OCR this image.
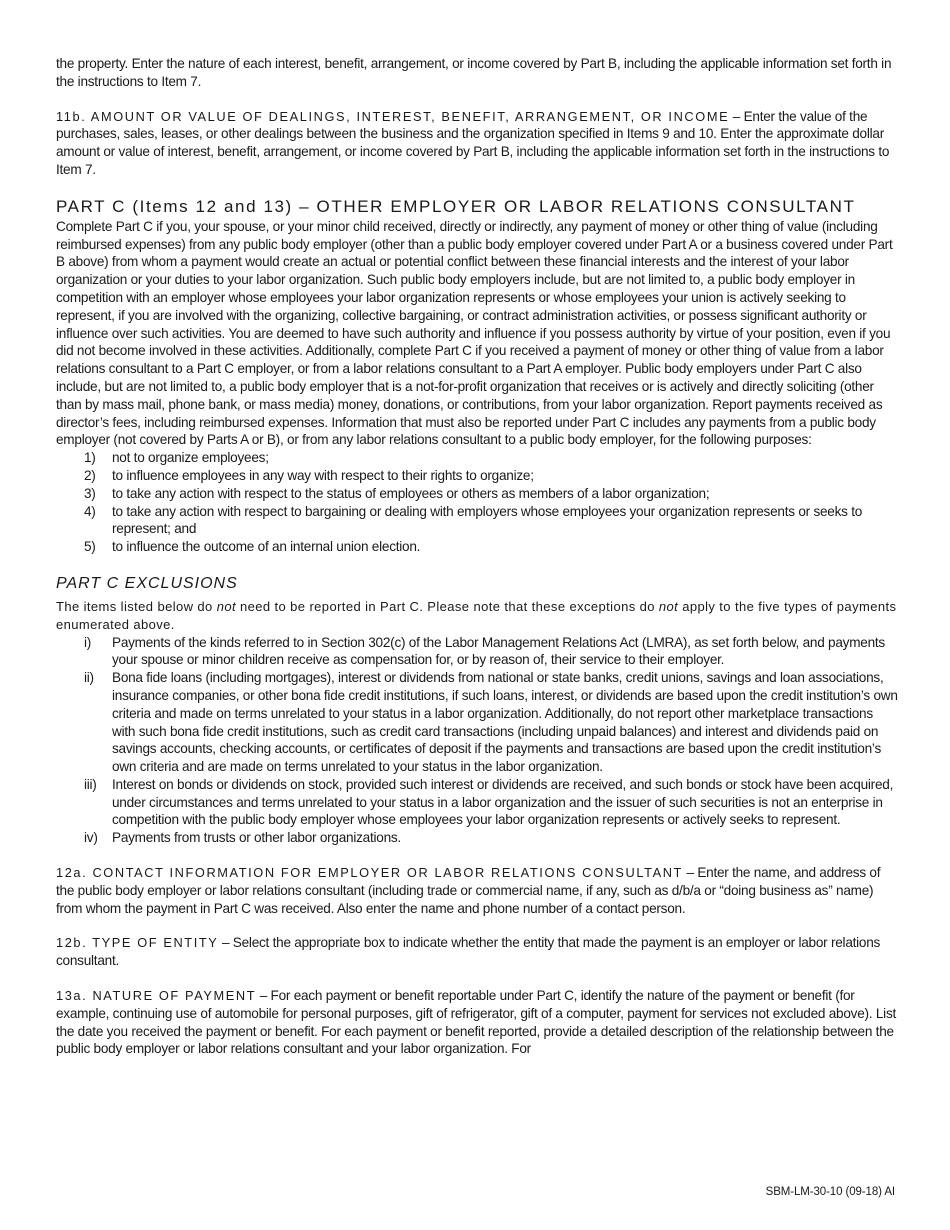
the property. Enter the nature of each interest, benefit, arrangement, or income covered by Part B, including the applicable information set forth in the instructions to Item 7.

11b. AMOUNT OR VALUE OF DEALINGS, INTEREST, BENEFIT, ARRANGEMENT, OR INCOME – Enter the value of the purchases, sales, leases, or other dealings between the business and the organization specified in Items 9 and 10. Enter the approximate dollar amount or value of interest, benefit, arrangement, or income covered by Part B, including the applicable information set forth in the instructions to Item 7.

PART C (Items 12 and 13) – OTHER EMPLOYER OR LABOR RELATIONS CONSULTANT

Complete Part C if you, your spouse, or your minor child received, directly or indirectly, any payment of money or other thing of value (including reimbursed expenses) from any public body employer (other than a public body employer covered under Part A or a business covered under Part B above) from whom a payment would create an actual or potential conflict between these financial interests and the interest of your labor organization or your duties to your labor organization. Such public body employers include, but are not limited to, a public body employer in competition with an employer whose employees your labor organization represents or whose employees your union is actively seeking to represent, if you are involved with the organizing, collective bargaining, or contract administration activities, or possess significant authority or influence over such activities. You are deemed to have such authority and influence if you possess authority by virtue of your position, even if you did not become involved in these activities. Additionally, complete Part C if you received a payment of money or other thing of value from a labor relations consultant to a Part C employer, or from a labor relations consultant to a Part A employer. Public body employers under Part C also include, but are not limited to, a public body employer that is a not-for-profit organization that receives or is actively and directly soliciting (other than by mass mail, phone bank, or mass media) money, donations, or contributions, from your labor organization. Report payments received as director’s fees, including reimbursed expenses. Information that must also be reported under Part C includes any payments from a public body employer (not covered by Parts A or B), or from any labor relations consultant to a public body employer, for the following purposes:

1) not to organize employees;
2) to influence employees in any way with respect to their rights to organize;
3) to take any action with respect to the status of employees or others as members of a labor organization;
4) to take any action with respect to bargaining or dealing with employers whose employees your organization represents or seeks to represent; and
5) to influence the outcome of an internal union election.
PART C EXCLUSIONS

The items listed below do not need to be reported in Part C. Please note that these exceptions do not apply to the five types of payments enumerated above.

i) Payments of the kinds referred to in Section 302(c) of the Labor Management Relations Act (LMRA), as set forth below, and payments your spouse or minor children receive as compensation for, or by reason of, their service to their employer.
ii) Bona fide loans (including mortgages), interest or dividends from national or state banks, credit unions, savings and loan associations, insurance companies, or other bona fide credit institutions, if such loans, interest, or dividends are based upon the credit institution’s own criteria and made on terms unrelated to your status in a labor organization. Additionally, do not report other marketplace transactions with such bona fide credit institutions, such as credit card transactions (including unpaid balances) and interest and dividends paid on savings accounts, checking accounts, or certificates of deposit if the payments and transactions are based upon the credit institution’s own criteria and are made on terms unrelated to your status in the labor organization.
iii) Interest on bonds or dividends on stock, provided such interest or dividends are received, and such bonds or stock have been acquired, under circumstances and terms unrelated to your status in a labor organization and the issuer of such securities is not an enterprise in competition with the public body employer whose employees your labor organization represents or actively seeks to represent.
iv) Payments from trusts or other labor organizations.

12a. CONTACT INFORMATION FOR EMPLOYER OR LABOR RELATIONS CONSULTANT – Enter the name, and address of the public body employer or labor relations consultant (including trade or commercial name, if any, such as d/b/a or “doing business as” name) from whom the payment in Part C was received. Also enter the name and phone number of a contact person.

12b. TYPE OF ENTITY – Select the appropriate box to indicate whether the entity that made the payment is an employer or labor relations consultant.

13a. NATURE OF PAYMENT – For each payment or benefit reportable under Part C, identify the nature of the payment or benefit (for example, continuing use of automobile for personal purposes, gift of refrigerator, gift of a computer, payment for services not excluded above). List the date you received the payment or benefit. For each payment or benefit reported, provide a detailed description of the relationship between the public body employer or labor relations consultant and your labor organization. For

SBM-LM-30-10 (09-18) AI
